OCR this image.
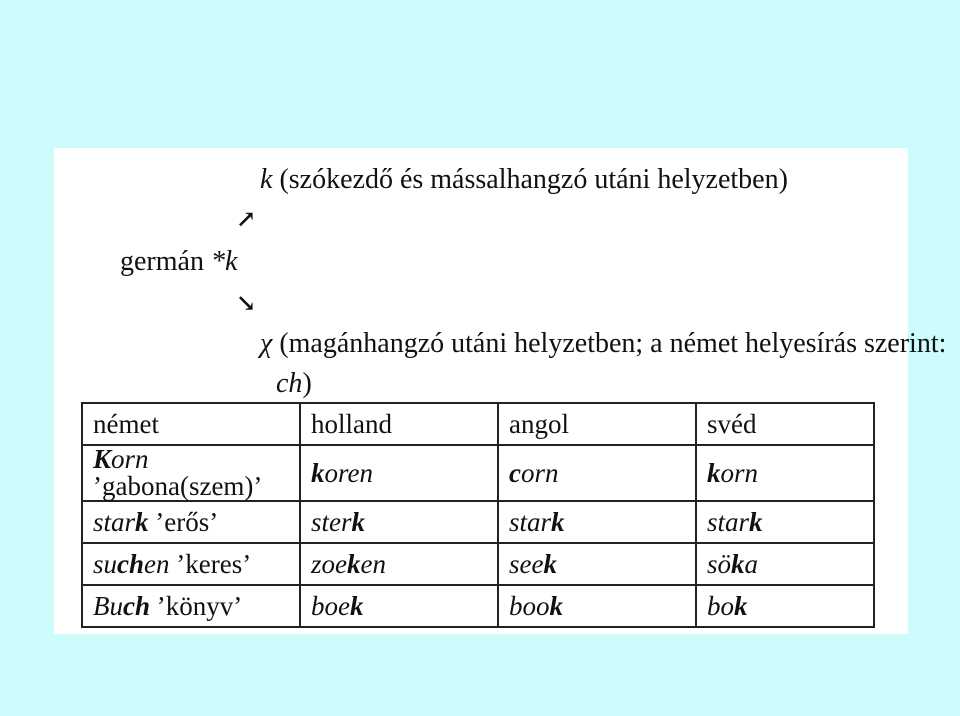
k (szókezdő és mássalhangzó utáni helyzetben)
↗
germán *k
↘
χ (magánhangzó utáni helyzetben; a német helyesírás szerint:
ch)
német	holland	angol	svéd
Korn ’gabona(szem)’	koren	corn	korn
stark ’erős’	sterk	stark	stark
suchen ’keres’	zoeken	seek	söka
Buch ’könyv’	boek	book	bok
